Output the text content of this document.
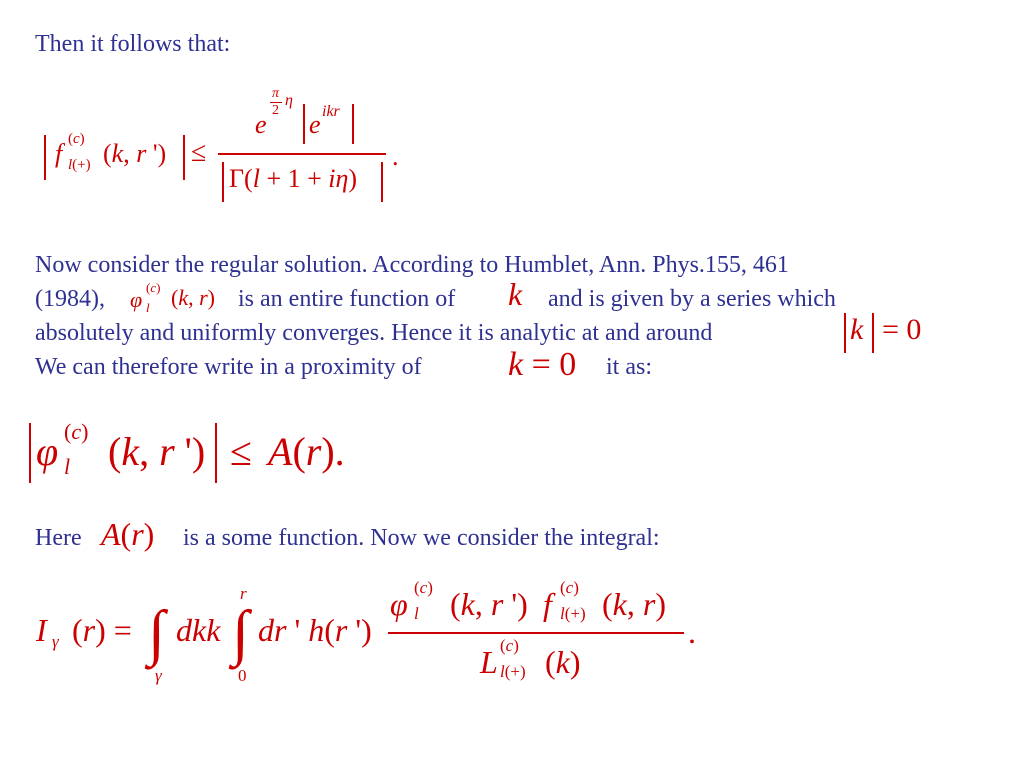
Then it follows that:
f (c)
l(+) (k, r ') ≤
e
π
2
η
e ikr
Γ(l + 1 + iη)
.
Now consider the regular solution. According to Humblet, Ann. Phys.155, 461
(1984), φ (c)
l (k, r) is an entire function of k and is given by a series which
absolutely and uniformly converges. Hence it is analytic at and around	k = 0
We can therefore write in a proximity of	k = 0 it as:
φ (c)
l (k, r ') ≤ A(r).
Here A(r) is a some function. Now we consider the integral:
I γ (r) = ∫
γ
dkk ∫
r
0
dr ' h(r ')
φ (c)
l (k, r ') f (c)
l(+) (k, r)
L (c)
l(+) (k)
.
